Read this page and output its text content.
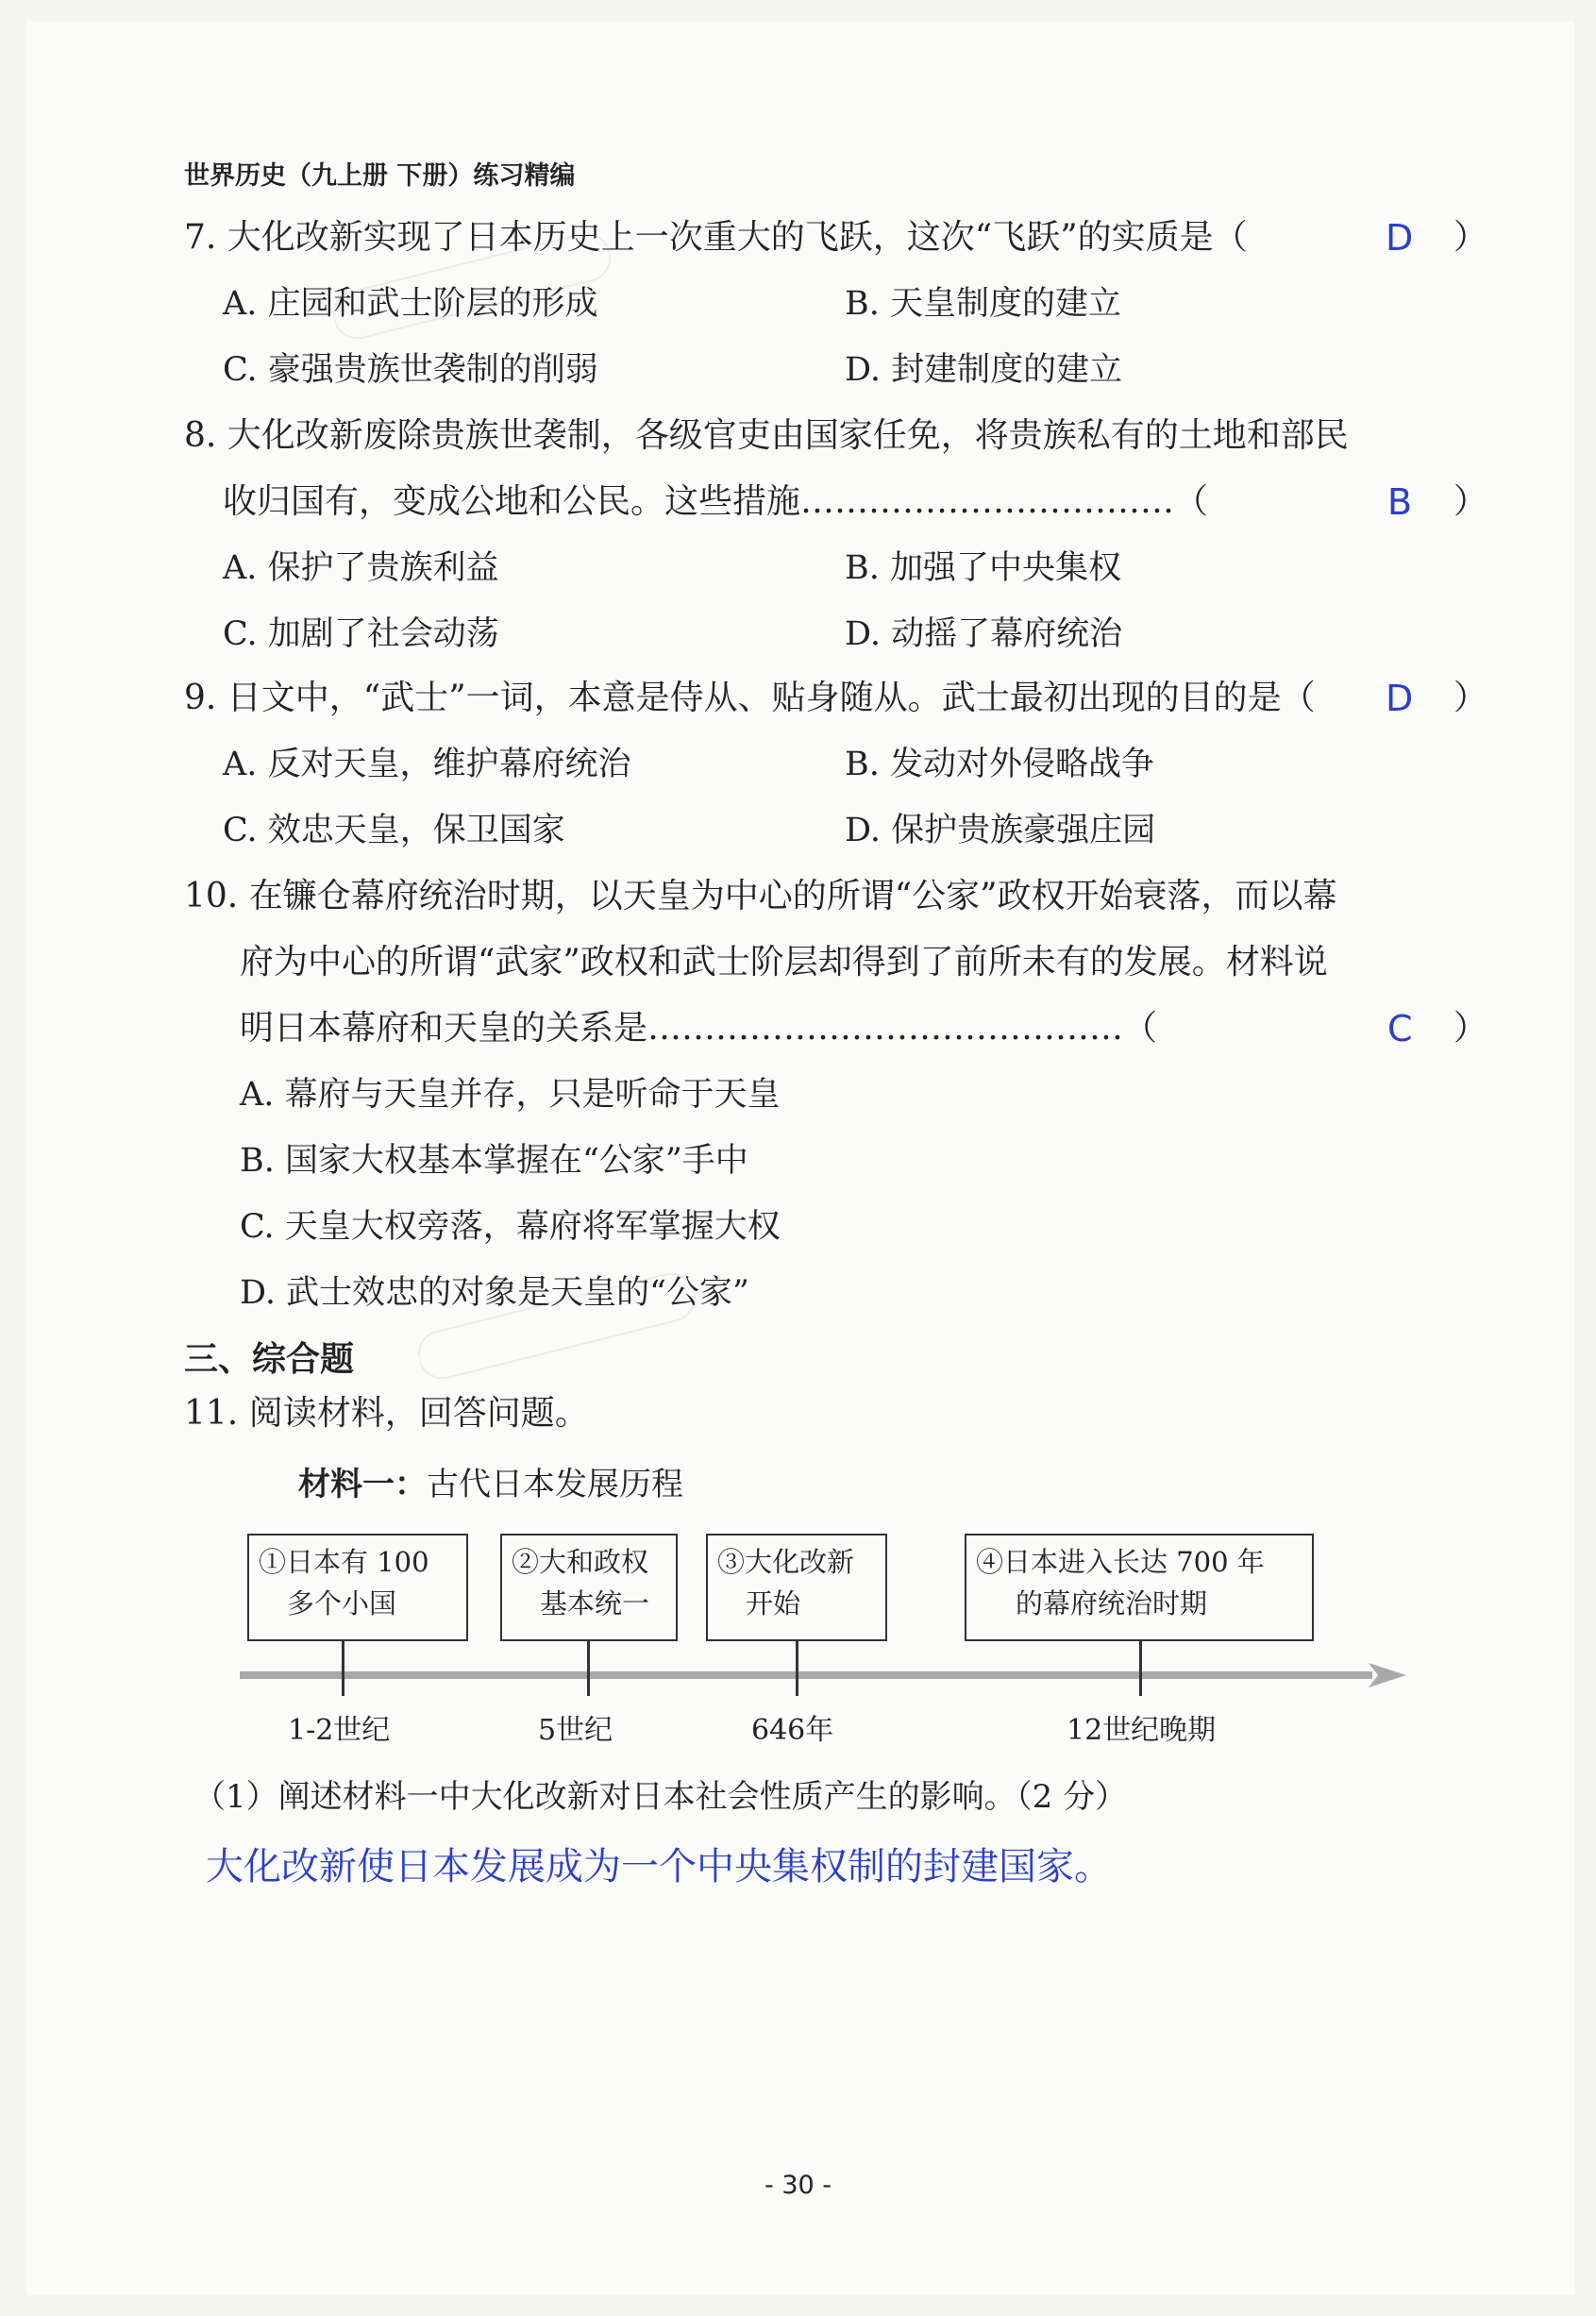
世界历史（九上册 下册）练习精编
7. 大化改新实现了日本历史上一次重大的飞跃，这次“飞跃”的实质是（	D ）
A. 庄园和武士阶层的形成	B. 天皇制度的建立
C. 豪强贵族世袭制的削弱	D. 封建制度的建立
8. 大化改新废除贵族世袭制，各级官吏由国家任免，将贵族私有的土地和部民
收归国有，变成公地和公民。这些措施……………………………（	B ）
A. 保护了贵族利益	B. 加强了中央集权
C. 加剧了社会动荡	D. 动摇了幕府统治
9. 日文中，“武士”一词，本意是侍从、贴身随从。武士最初出现的目的是（ D ）
A. 反对天皇，维护幕府统治	B. 发动对外侵略战争
C. 效忠天皇，保卫国家	D. 保护贵族豪强庄园
10. 在镰仓幕府统治时期，以天皇为中心的所谓“公家”政权开始衰落，而以幕
府为中心的所谓“武家”政权和武士阶层却得到了前所未有的发展。材料说
明日本幕府和天皇的关系是……………………………………（	C ）
A. 幕府与天皇并存，只是听命于天皇
B. 国家大权基本掌握在“公家”手中
C. 天皇大权旁落，幕府将军掌握大权
D. 武士效忠的对象是天皇的“公家”
三、综合题
11. 阅读材料，回答问题。
材料一：古代日本发展历程
①日本有 100
多个小国
②大和政权
基本统一
③大化改新
开始
④日本进入长达 700 年
的幕府统治时期
1-2世纪	5世纪	646年	12世纪晚期
（1）阐述材料一中大化改新对日本社会性质产生的影响。（2 分）
大化改新使日本发展成为一个中央集权制的封建国家。
- 30 -
